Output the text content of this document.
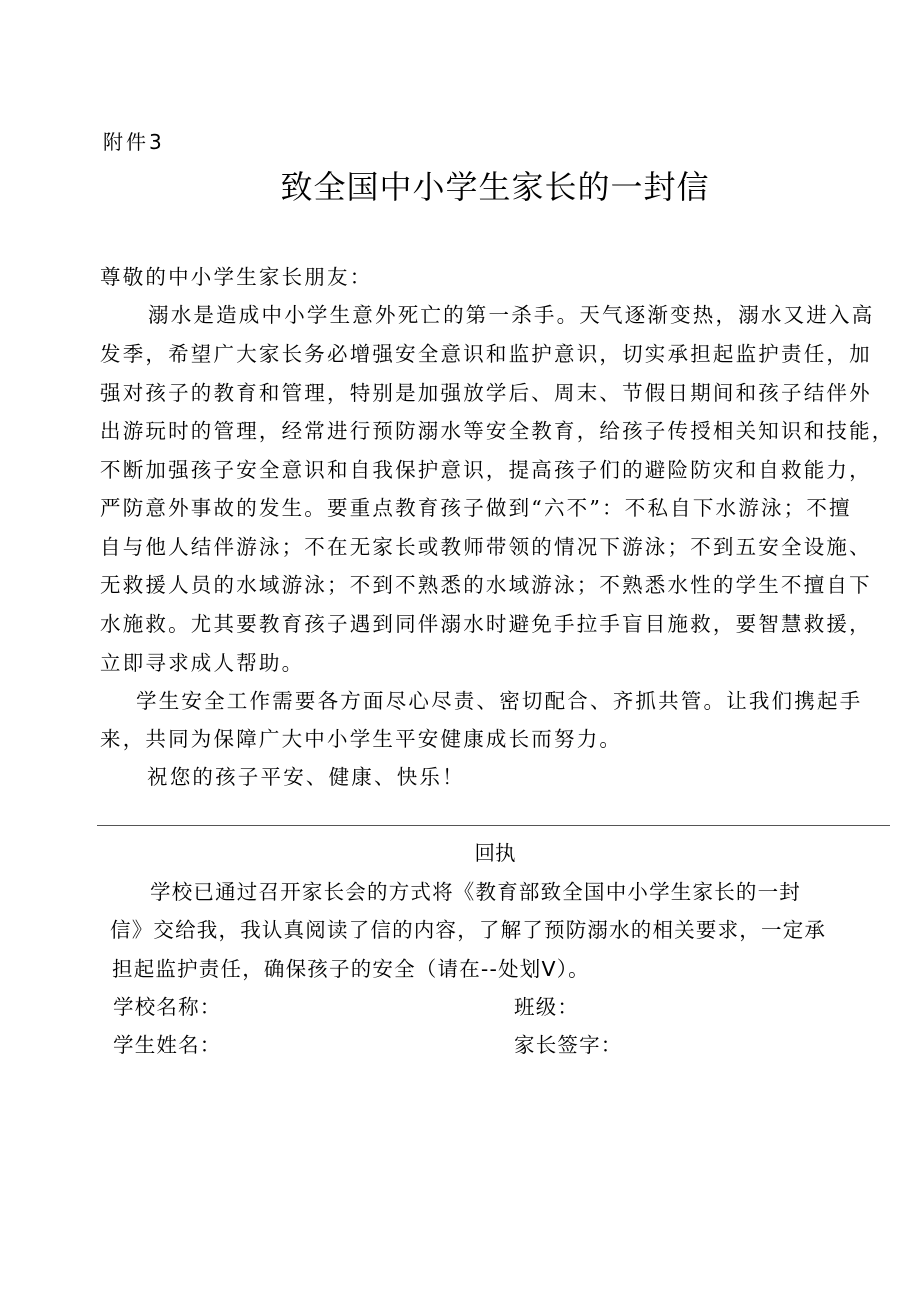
附件3
致全国中小学生家长的一封信
尊敬的中小学生家长朋友：
溺水是造成中小学生意外死亡的第一杀手。天气逐渐变热，溺水又进入高
发季，希望广大家长务必增强安全意识和监护意识，切实承担起监护责任，加
强对孩子的教育和管理，特别是加强放学后、周末、节假日期间和孩子结伴外
出游玩时的管理，经常进行预防溺水等安全教育，给孩子传授相关知识和技能，
不断加强孩子安全意识和自我保护意识，提高孩子们的避险防灾和自救能力，
严防意外事故的发生。要重点教育孩子做到“六不”：不私自下水游泳；不擅
自与他人结伴游泳；不在无家长或教师带领的情况下游泳；不到五安全设施、
无救援人员的水域游泳；不到不熟悉的水域游泳；不熟悉水性的学生不擅自下
水施救。尤其要教育孩子遇到同伴溺水时避免手拉手盲目施救，要智慧救援，
立即寻求成人帮助。
学生安全工作需要各方面尽心尽责、密切配合、齐抓共管。让我们携起手
来，共同为保障广大中小学生平安健康成长而努力。
祝您的孩子平安、健康、快乐！
回执
学校已通过召开家长会的方式将《教育部致全国中小学生家长的一封
信》交给我，我认真阅读了信的内容，了解了预防溺水的相关要求，一定承
担起监护责任，确保孩子的安全（请在--处划V）。
学校名称：	班级：
学生姓名：	家长签字：
